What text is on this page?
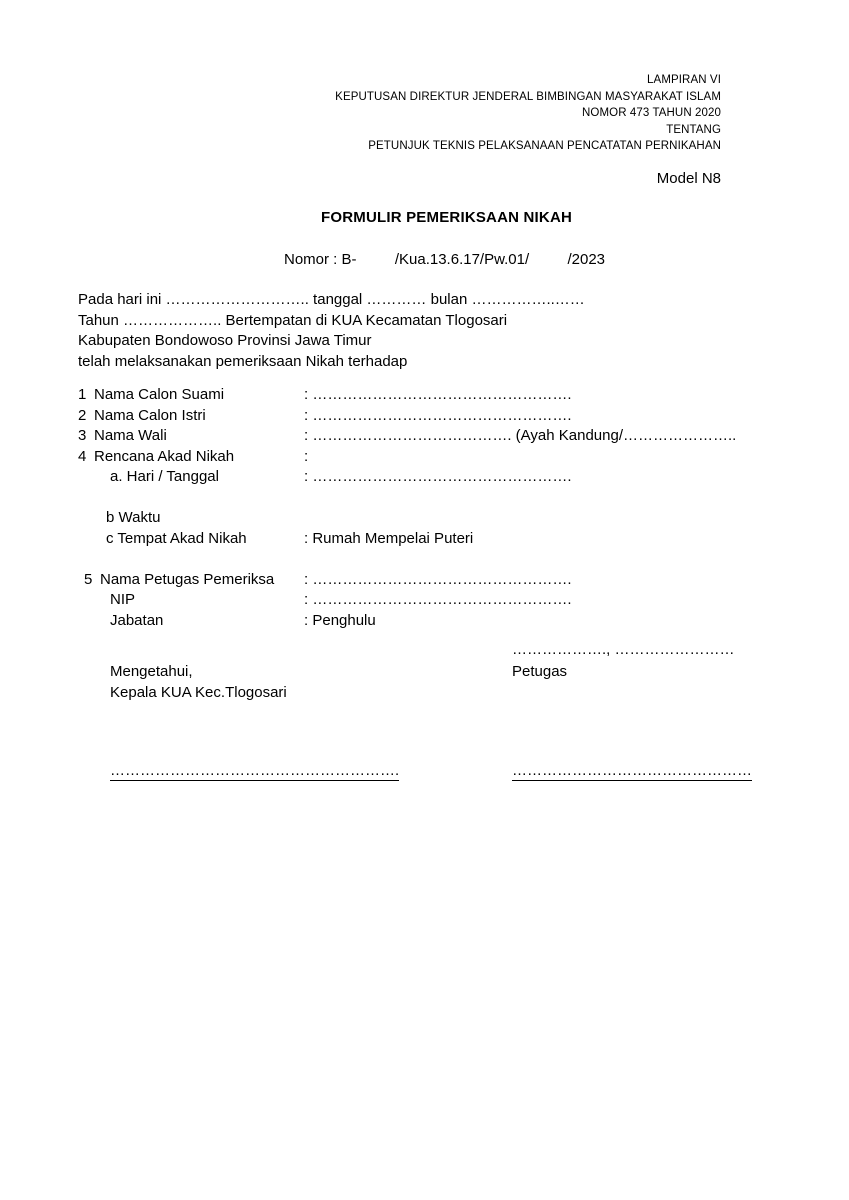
LAMPIRAN VI
KEPUTUSAN DIREKTUR JENDERAL BIMBINGAN MASYARAKAT ISLAM
NOMOR 473 TAHUN 2020
TENTANG
PETUNJUK TEKNIS PELAKSANAAN PENCATATAN PERNIKAHAN
Model N8
FORMULIR PEMERIKSAAN NIKAH
Nomor : B-	/Kua.13.6.17/Pw.01/	/2023
Pada hari ini ……………………….. tanggal ………… bulan ……………..……
Tahun ……………….. Bertempatan di KUA Kecamatan Tlogosari
Kabupaten Bondowoso Provinsi Jawa Timur
telah melaksanakan pemeriksaan Nikah terhadap
1 Nama Calon Suami	: …………………………………………….
2 Nama Calon Istri	: …………………………………………….
3 Nama Wali	: …………………………………. (Ayah Kandung/…………………..
4 Rencana Akad Nikah	:
a. Hari / Tanggal	: …………………………………………….
b Waktu
c Tempat Akad Nikah	: Rumah Mempelai Puteri
5 Nama Petugas Pemeriksa : …………………………………………….
NIP	: …………………………………………….
Jabatan	: Penghulu
………………., ……………………
Mengetahui,
Kepala KUA Kec.Tlogosari
Petugas
………………………………………………….	…………………………………………
